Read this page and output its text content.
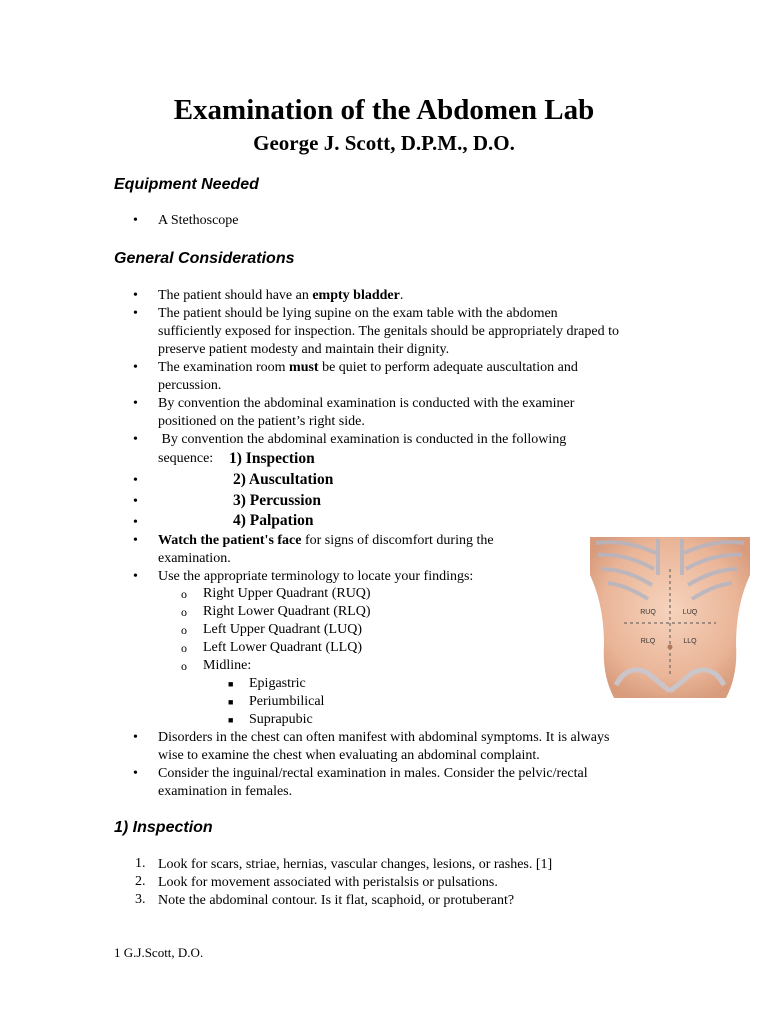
Examination of the Abdomen Lab
George J. Scott, D.P.M., D.O.
Equipment Needed
• A Stethoscope
General Considerations
• The patient should have an empty bladder.
• The patient should be lying supine on the exam table with the abdomen
sufficiently exposed for inspection. The genitals should be appropriately draped to
preserve patient modesty and maintain their dignity.
• The examination room must be quiet to perform adequate auscultation and
percussion.
• By convention the abdominal examination is conducted with the examiner
positioned on the patient’s right side.
• By convention the abdominal examination is conducted in the following
sequence: 1) Inspection
•	2) Auscultation
•	3) Percussion
•	4) Palpation
• Watch the patient's face for signs of discomfort during the
examination.
• Use the appropriate terminology to locate your findings:
o Right Upper Quadrant (RUQ)
o Right Lower Quadrant (RLQ)
o Left Upper Quadrant (LUQ)
o Left Lower Quadrant (LLQ)
o Midline:
■ Epigastric
■ Periumbilical
■ Suprapubic
• Disorders in the chest can often manifest with abdominal symptoms. It is always
wise to examine the chest when evaluating an abdominal complaint.
• Consider the inguinal/rectal examination in males. Consider the pelvic/rectal
examination in females.
1) Inspection
1. Look for scars, striae, hernias, vascular changes, lesions, or rashes. [1]
2. Look for movement associated with peristalsis or pulsations.
3. Note the abdominal contour. Is it flat, scaphoid, or protuberant?
RUQ	LUQ
RLQ	LLQ
1 G.J.Scott, D.O.
